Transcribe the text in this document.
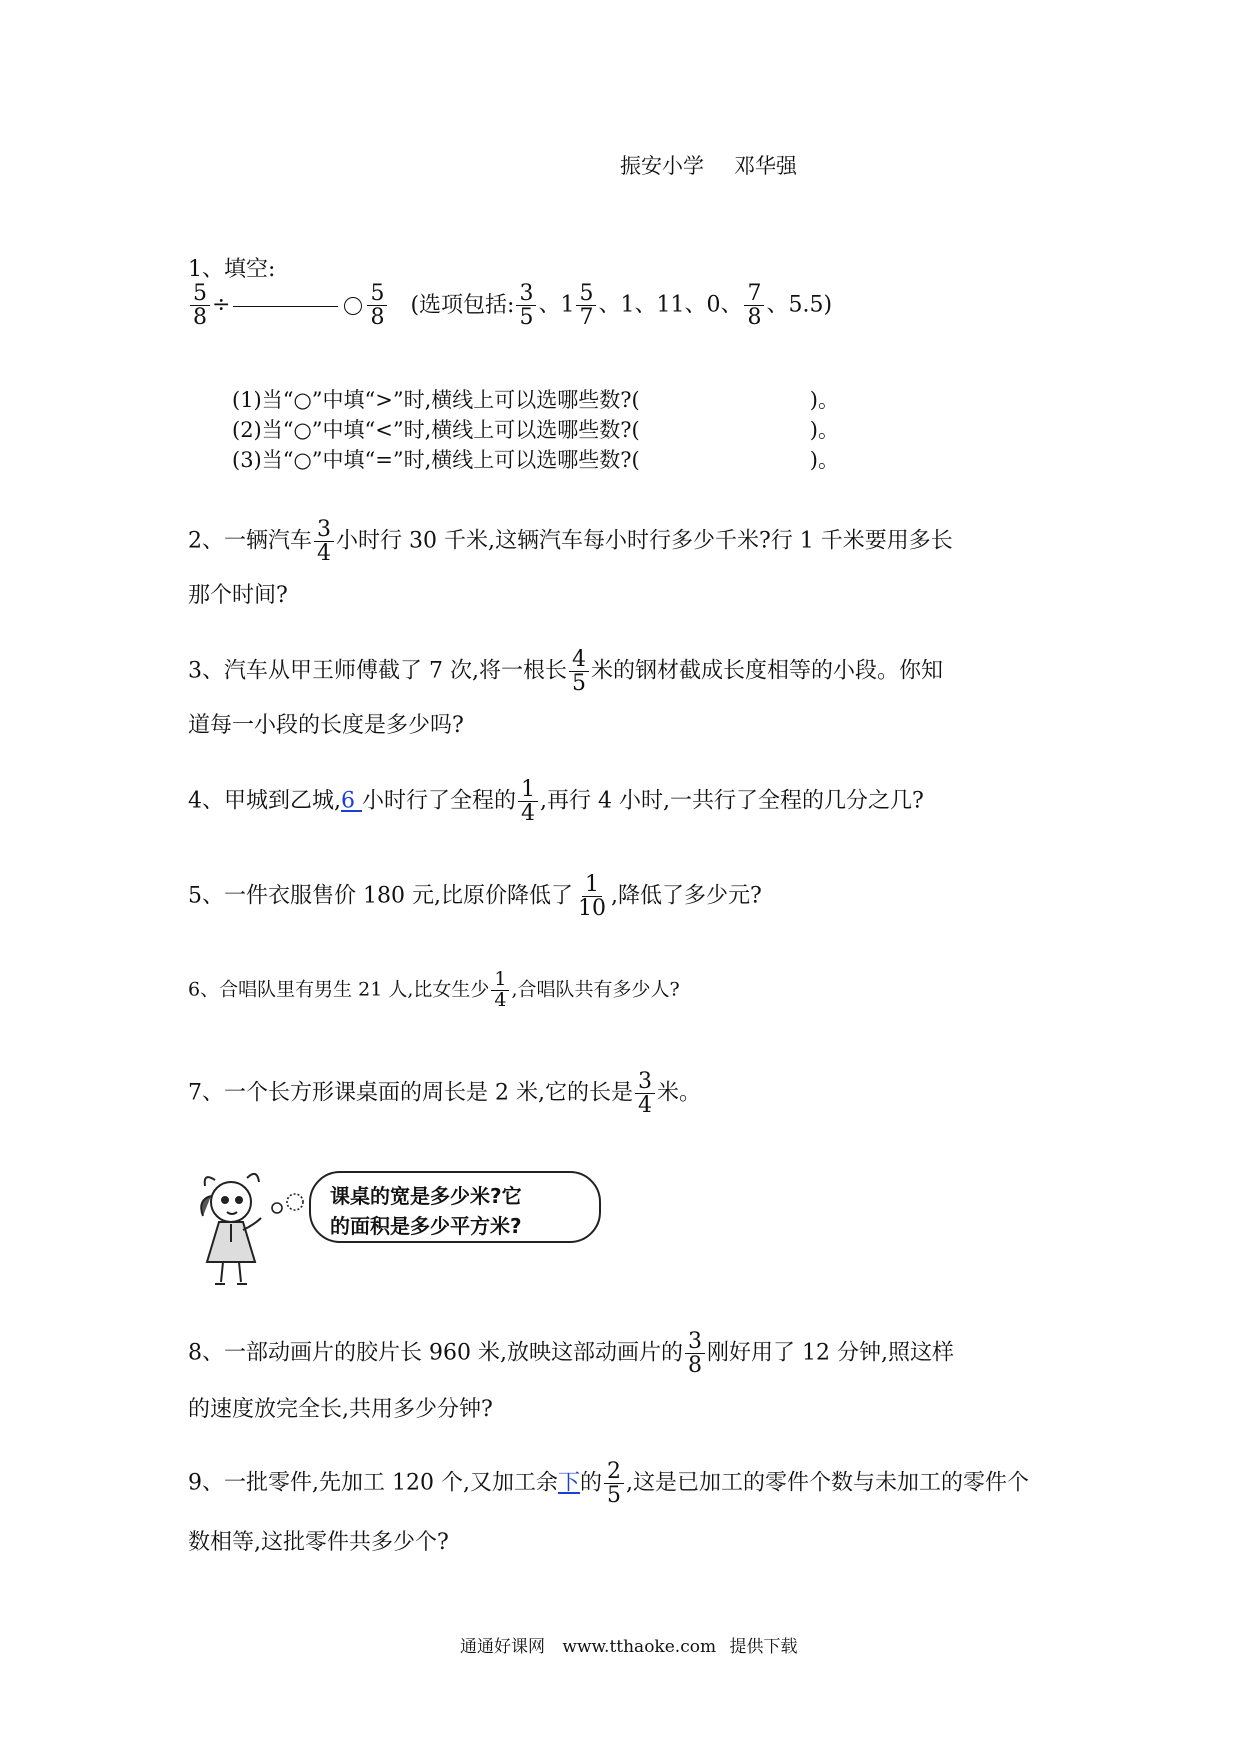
振安小学 邓华强
1、填空:
$\frac{5}{8}$ ÷	$\frac{5}{8}$ (选项包括: $\frac{3}{5}$ 、$1 \frac{5}{7}$ 、1、11、0、 $\frac{7}{8}$ 、5.5)
(1)当“○”中填“>”时,横线上可以选哪些数?(	)。
(2)当“○”中填“<”时,横线上可以选哪些数?(	)。
(3)当“○”中填“=”时,横线上可以选哪些数?(	)。
2、一辆汽车 $\frac{3}{4}$ 小时行 30 千米,这辆汽车每小时行多少千米?行 1 千米要用多长
那个时间?
3、汽车从甲王师傅截了 7 次,将一根长 $\frac{4}{5}$ 米的钢材截成长度相等的小段。你知
道每一小段的长度是多少吗?
4、甲城到乙城,6 小时行了全程的 $\frac{1}{4}$ ,再行 4 小时,一共行了全程的几分之几?
5、一件衣服售价 180 元,比原价降低了 $\frac{1}{10}$ ,降低了多少元?
6、合唱队里有男生 21 人,比女生少 $\frac{1}{4}$ ,合唱队共有多少人?
7、一个长方形课桌面的周长是 2 米,它的长是 $\frac{3}{4}$ 米。
课桌的宽是多少米?它
的面积是多少平方米?
8、一部动画片的胶片长 960 米,放映这部动画片的 $\frac{3}{8}$ 刚好用了 12 分钟,照这样
的速度放完全长,共用多少分钟?
9、一批零件,先加工 120 个,又加工余下的 $\frac{2}{5}$ ,这是已加工的零件个数与未加工的零件个
数相等,这批零件共多少个?
通通好课网 www.tthaoke.com 提供下载
